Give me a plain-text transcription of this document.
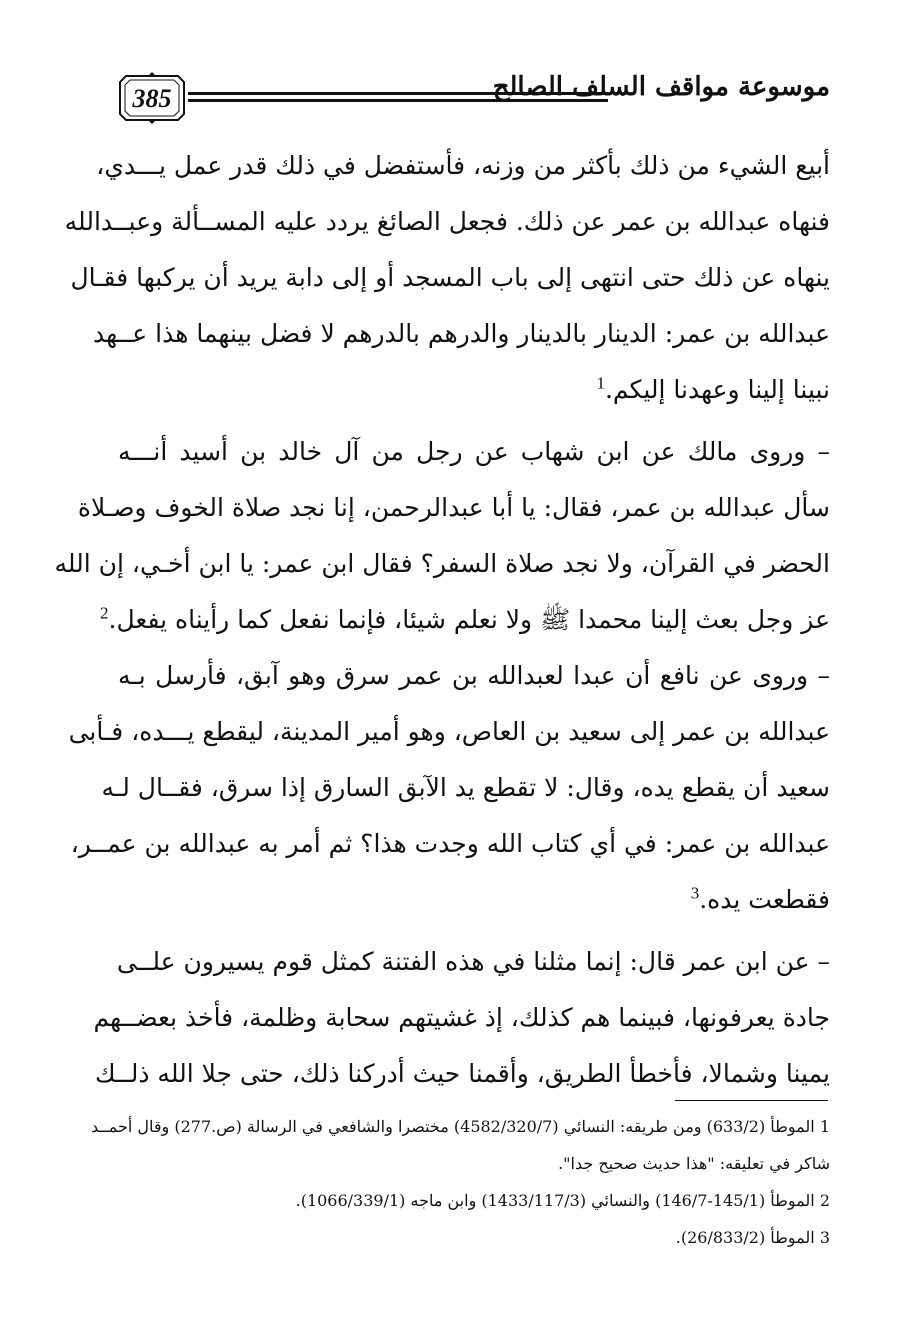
385	موسوعة مواقف السلف الصالح
أبيع الشيء من ذلك بأكثر من وزنه، فأستفضل في ذلك قدر عمل يـــدي،
فنهاه عبدالله بن عمر عن ذلك. فجعل الصائغ يردد عليه المســألة وعبــدالله
ينهاه عن ذلك حتى انتهى إلى باب المسجد أو إلى دابة يريد أن يركبها فقـال
عبدالله بن عمر: الدينار بالدينار والدرهم بالدرهم لا فضل بينهما هذا عــهد
نبينا إلينا وعهدنا إليكم.$^1$
– وروى مالك عن ابن شهاب عن رجل من آل خالد بن أسيد أنـــه
سأل عبدالله بن عمر، فقال: يا أبا عبدالرحمن، إنا نجد صلاة الخوف وصـلاة
الحضر في القرآن، ولا نجد صلاة السفر؟ فقال ابن عمر: يا ابن أخـي، إن الله
عز وجل بعث إلينا محمدا ﷺ ولا نعلم شيئا، فإنما نفعل كما رأيناه يفعل.$^2$
– وروى عن نافع أن عبدا لعبدالله بن عمر سرق وهو آبق، فأرسل بـه
عبدالله بن عمر إلى سعيد بن العاص، وهو أمير المدينة، ليقطع يـــده، فـأبى
سعيد أن يقطع يده، وقال: لا تقطع يد الآبق السارق إذا سرق، فقــال لـه
عبدالله بن عمر: في أي كتاب الله وجدت هذا؟ ثم أمر به عبدالله بن عمــر،
فقطعت يده.$^3$
– عن ابن عمر قال: إنما مثلنا في هذه الفتنة كمثل قوم يسيرون علــى
جادة يعرفونها، فبينما هم كذلك، إذ غشيتهم سحابة وظلمة، فأخذ بعضــهم
يمينا وشمالا، فأخطأ الطريق، وأقمنا حيث أدركنا ذلك، حتى جلا الله ذلــك
1 الموطأ (633/2) ومن طريقه: النسائي (4582/320/7) مختصرا والشافعي في الرسالة (ص.277) وقال أحمــد
شاكر في تعليقه: "هذا حديث صحيح جدا".
2 الموطأ (145/1-146/7) والنسائي (1433/117/3) وابن ماجه (1066/339/1).
3 الموطأ (26/833/2).
